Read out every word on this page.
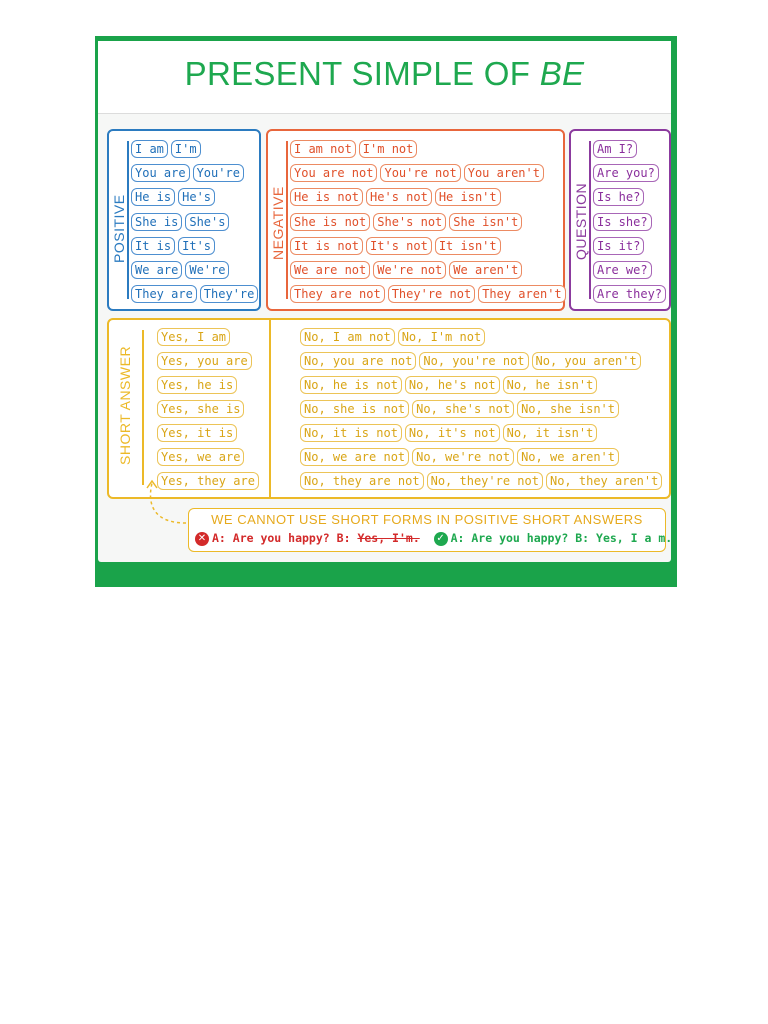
PRESENT SIMPLE OF BE
POSITIVE
I am I'm
You are You're
He is He's
She is She's
It is It's
We are We're
They are They're
NEGATIVE
I am not I'm not
You are not You're not You aren't
He is not He's not He isn't
She is not She's not She isn't
It is not It's not It isn't
We are not We're not We aren't
They are not They're not They aren't
QUESTION
Am I?
Are you?
Is he?
Is she?
Is it?
Are we?
Are they?
SHORT ANSWER
Yes, I am
Yes, you are
Yes, he is
Yes, she is
Yes, it is
Yes, we are
Yes, they are
No, I am not No, I'm not
No, you are not No, you're not No, you aren't
No, he is not No, he's not No, he isn't
No, she is not No, she's not No, she isn't
No, it is not No, it's not No, it isn't
No, we are not No, we're not No, we aren't
No, they are not No, they're not No, they aren't
WE CANNOT USE SHORT FORMS IN POSITIVE SHORT ANSWERS
✕ A: Are you happy? B: Yes, I'm. ✓ A: Are you happy? B: Yes, I a m.
